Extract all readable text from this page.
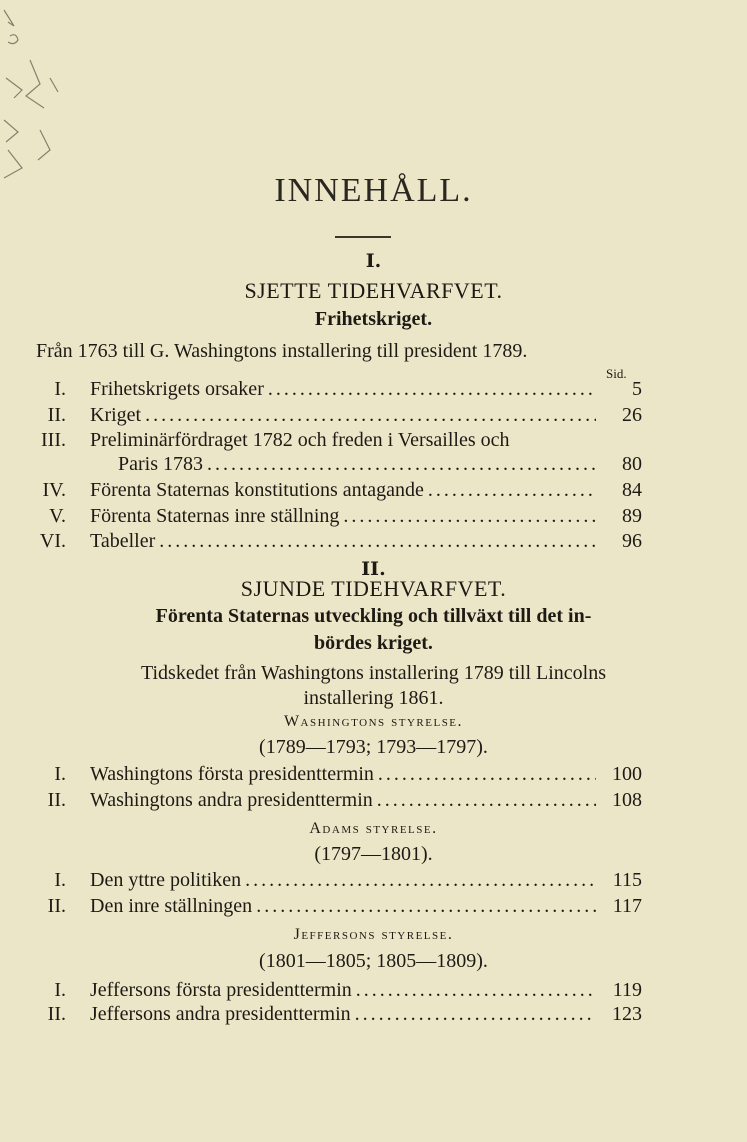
INNEHÅLL.
I.
SJETTE TIDEHVARFVET.
Frihetskriget.
Från 1763 till G. Washingtons installering till president 1789.
Sid.
I. Frihetskrigets orsaker . . .	5
II. Kriget . . .	26
III. Preliminärfördraget 1782 och freden i Versailles och
Paris 1783 . . .	80
IV. Förenta Staternas konstitutions antagande . . .	84
V. Förenta Staternas inre ställning . . .	89
VI. Tabeller . . .	96
II.
SJUNDE TIDEHVARFVET.
Förenta Staternas utveckling och tillväxt till det in-
bördes kriget.
Tidskedet från Washingtons installering 1789 till Lincolns
installering 1861.
Washingtons styrelse.
(1789—1793; 1793—1797).
I. Washingtons första presidenttermin . . .	100
II. Washingtons andra presidenttermin . . .	108
Adams styrelse.
(1797—1801).
I. Den yttre politiken . . .	115
II. Den inre ställningen . . .	117
Jeffersons styrelse.
(1801—1805; 1805—1809).
I. Jeffersons första presidenttermin . . .	119
II. Jeffersons andra presidenttermin . . .	123
